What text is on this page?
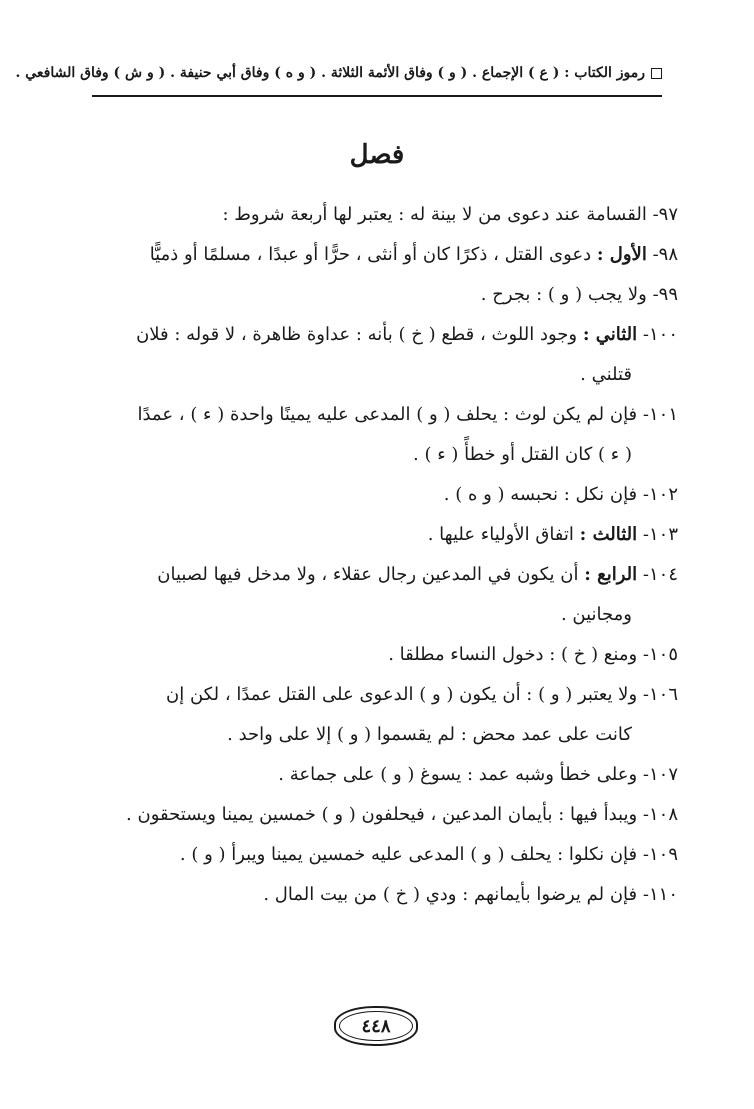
رموز الكتاب : ( ع ) الإجماع . ( و ) وفاق الأئمة الثلاثة . ( و ه ) وفاق أبي حنيفة . ( و ش ) وفاق الشافعي .
فصل

٩٧- القسامة عند دعوى من لا بينة له : يعتبر لها أربعة شروط :

٩٨- الأول : دعوى القتل ، ذكرًا كان أو أنثى ، حرًّا أو عبدًا ، مسلمًا أو ذميًّا

٩٩- ولا يجب ( و ) : بجرح .

١٠٠- الثاني : وجود اللوث ، قطع ( خ ) بأنه : عداوة ظاهرة ، لا قوله : فلان
قتلني .

١٠١- فإن لم يكن لوث : يحلف ( و ) المدعى عليه يمينًا واحدة ( ء ) ، عمدًا
( ء ) كان القتل أو خطأً ( ء ) .

١٠٢- فإن نكل : نحبسه ( و ه ) .

١٠٣- الثالث : اتفاق الأولياء عليها .

١٠٤- الرابع : أن يكون في المدعين رجال عقلاء ، ولا مدخل فيها لصبيان
ومجانين .

١٠٥- ومنع ( خ ) : دخول النساء مطلقا .

١٠٦- ولا يعتبر ( و ) : أن يكون ( و ) الدعوى على القتل عمدًا ، لكن إن
كانت على عمد محض : لم يقسموا ( و ) إلا على واحد .

١٠٧- وعلى خطأ وشبه عمد : يسوغ ( و ) على جماعة .

١٠٨- ويبدأ فيها : بأيمان المدعين ، فيحلفون ( و ) خمسين يمينا ويستحقون .

١٠٩- فإن نكلوا : يحلف ( و ) المدعى عليه خمسين يمينا ويبرأ ( و ) .

١١٠- فإن لم يرضوا بأيمانهم : ودي ( خ ) من بيت المال .

٤٤٨
